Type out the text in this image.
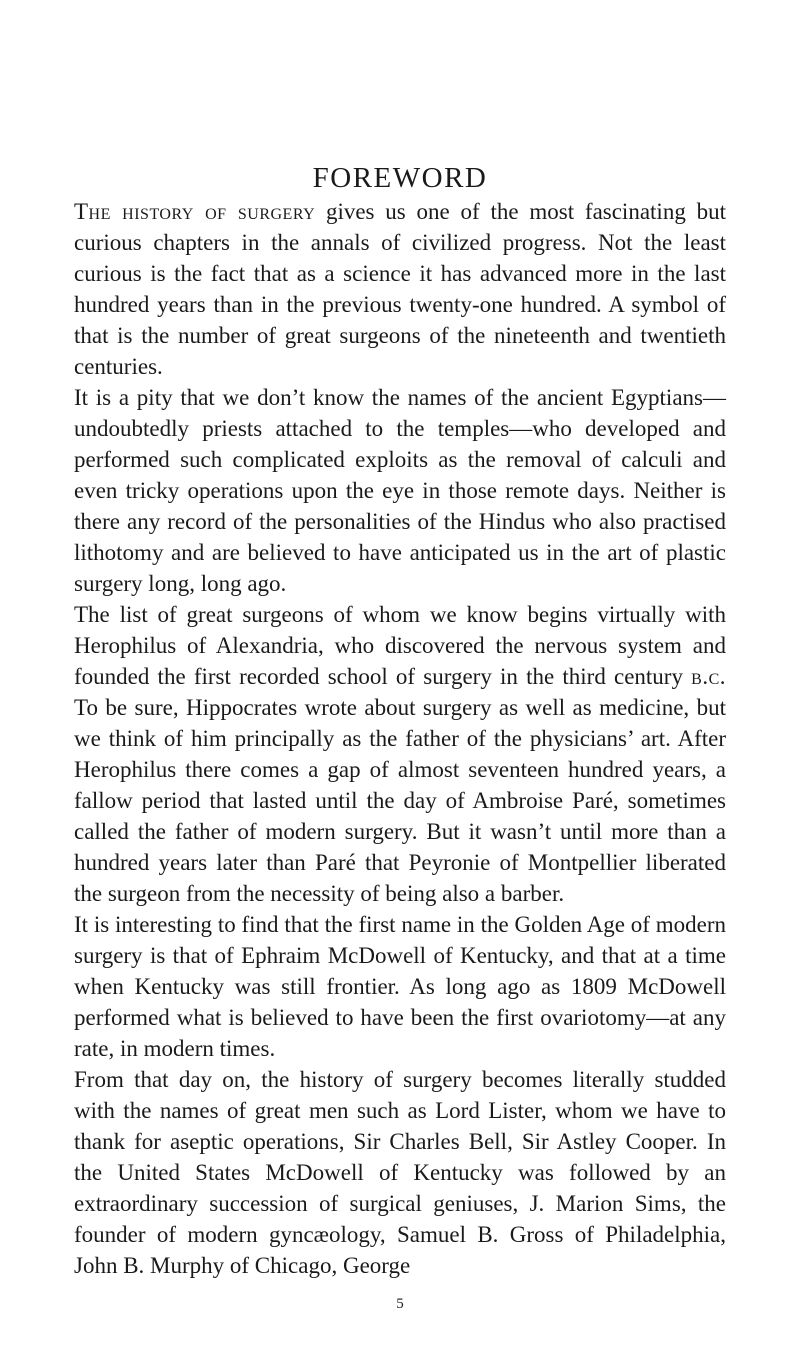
FOREWORD

The history of surgery gives us one of the most fascinating but curious chapters in the annals of civilized progress. Not the least curious is the fact that as a science it has advanced more in the last hundred years than in the previous twenty-one hundred. A symbol of that is the number of great surgeons of the nineteenth and twentieth centuries.

It is a pity that we don’t know the names of the ancient Egyptians—undoubtedly priests attached to the temples—who developed and performed such complicated exploits as the removal of calculi and even tricky operations upon the eye in those remote days. Neither is there any record of the personalities of the Hindus who also practised lithotomy and are believed to have anticipated us in the art of plastic surgery long, long ago.

The list of great surgeons of whom we know begins virtually with Herophilus of Alexandria, who discovered the nervous system and founded the first recorded school of surgery in the third century b.c. To be sure, Hippocrates wrote about surgery as well as medicine, but we think of him principally as the father of the physicians’ art. After Herophilus there comes a gap of almost seventeen hundred years, a fallow period that lasted until the day of Ambroise Paré, sometimes called the father of modern surgery. But it wasn’t until more than a hundred years later than Paré that Peyronie of Montpellier liberated the surgeon from the necessity of being also a barber.

It is interesting to find that the first name in the Golden Age of modern surgery is that of Ephraim McDowell of Kentucky, and that at a time when Kentucky was still frontier. As long ago as 1809 McDowell performed what is believed to have been the first ovariotomy—at any rate, in modern times.

From that day on, the history of surgery becomes literally studded with the names of great men such as Lord Lister, whom we have to thank for aseptic operations, Sir Charles Bell, Sir Astley Cooper. In the United States McDowell of Kentucky was followed by an extraordinary succession of surgical geniuses, J. Marion Sims, the founder of modern gyncæology, Samuel B. Gross of Philadelphia, John B. Murphy of Chicago, George

5
